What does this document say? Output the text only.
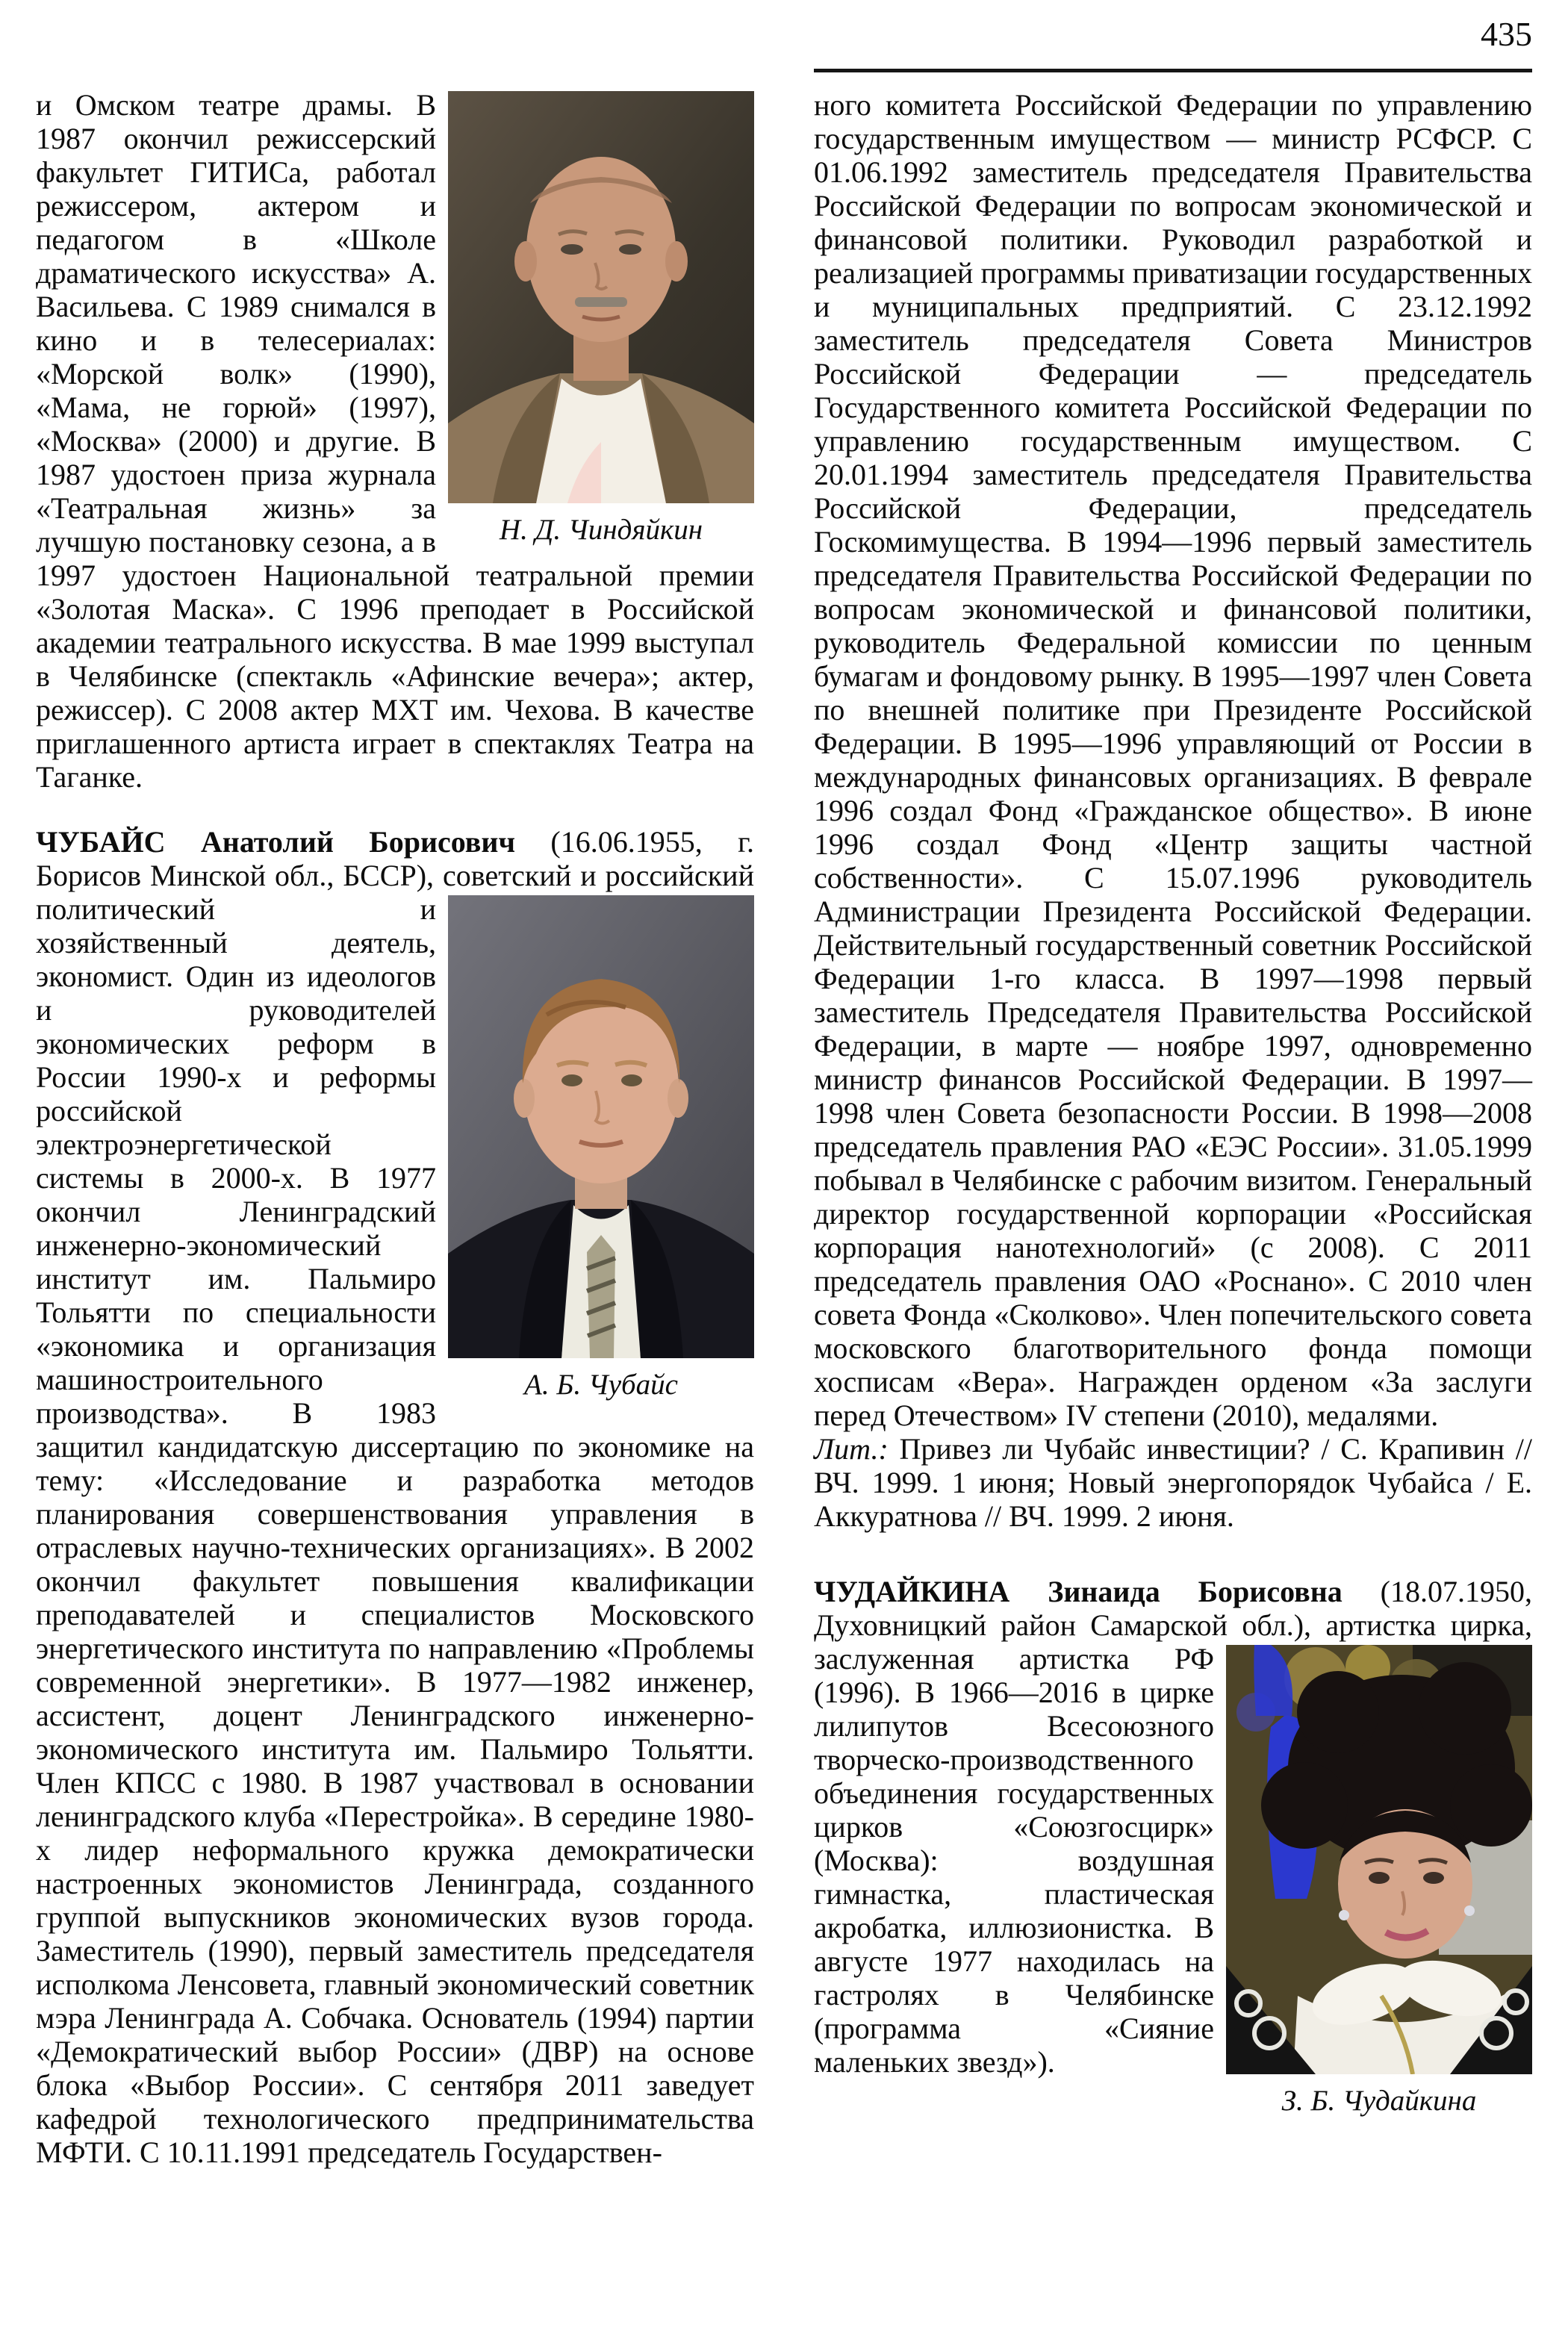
435

Н. Д. Чиндяйкин
и Омском театре драмы. В 1987 окончил режиссерский факультет ГИТИСа, работал режиссером, актером и педагогом в «Школе драматического искусства» А. Васильева. С 1989 снимался в кино и в телесериалах: «Морской волк» (1990), «Мама, не горюй» (1997), «Москва» (2000) и другие. В 1987 удостоен приза журнала «Театральная жизнь» за лучшую постановку сезона, а в 1997 удостоен Национальной театральной премии «Золотая Маска». С 1996 преподает в Российской академии театрального искусства. В мае 1999 выступал в Челябинске (спектакль «Афинские вечера»; актер, режиссер). С 2008 актер МХТ им. Чехова. В качестве приглашенного артиста играет в спектаклях Театра на Таганке.

ЧУБАЙС Анатолий Борисович (16.06.1955, г. Борисов Минской обл., БССР), советский и
А. Б. Чубайс
российский политический и хозяйственный деятель, экономист. Один из идеологов и руководителей экономических реформ в России 1990-х и реформы российской электроэнергетической системы в 2000-х. В 1977 окончил Ленинградский инженерно-экономический институт им. Пальмиро Тольятти по специальности «экономика и организация машиностроительного производства». В 1983 защитил кандидатскую диссертацию по экономике на тему: «Исследование и разработка методов планирования совершенствования управления в отраслевых научно-технических организациях». В 2002 окончил факультет повышения квалификации преподавателей и специалистов Московского энергетического института по направлению «Проблемы современной энергетики». В 1977—1982 инженер, ассистент, доцент Ленинградского инженерно-экономического института им. Пальмиро Тольятти. Член КПСС с 1980. В 1987 участвовал в основании ленинградского клуба «Перестройка». В середине 1980-х лидер неформального кружка демократически настроенных экономистов Ленинграда, созданного группой выпускников экономических вузов города. Заместитель (1990), первый заместитель председателя исполкома Ленсовета, главный экономический советник мэра Ленинграда А. Собчака. Основатель (1994) партии «Демократический выбор России» (ДВР) на основе блока «Выбор России». С сентября 2011 заведует кафедрой технологического предпринимательства МФТИ. С 10.11.1991 председатель Государствен-

ного комитета Российской Федерации по управлению государственным имуществом — министр РСФСР. С 01.06.1992 заместитель председателя Правительства Российской Федерации по вопросам экономической и финансовой политики. Руководил разработкой и реализацией программы приватизации государственных и муниципальных предприятий. С 23.12.1992 заместитель председателя Совета Министров Российской Федерации — председатель Государственного комитета Российской Федерации по управлению государственным имуществом. С 20.01.1994 заместитель председателя Правительства Российской Федерации, председатель Госкомимущества. В 1994—1996 первый заместитель председателя Правительства Российской Федерации по вопросам экономической и финансовой политики, руководитель Федеральной комиссии по ценным бумагам и фондовому рынку. В 1995—1997 член Совета по внешней политике при Президенте Российской Федерации. В 1995—1996 управляющий от России в международных финансовых организациях. В феврале 1996 создал Фонд «Гражданское общество». В июне 1996 создал Фонд «Центр защиты частной собственности». С 15.07.1996 руководитель Администрации Президента Российской Федерации. Действительный государственный советник Российской Федерации 1-го класса. В 1997—1998 первый заместитель Председателя Правительства Российской Федерации, в марте — ноябре 1997, одновременно министр финансов Российской Федерации. В 1997—1998 член Совета безопасности России. В 1998—2008 председатель правления РАО «ЕЭС России». 31.05.1999 побывал в Челябинске с рабочим визитом. Генеральный директор государственной корпорации «Российская корпорация нанотехнологий» (с 2008). С 2011 председатель правления ОАО «Роснано». С 2010 член совета Фонда «Сколково». Член попечительского совета московского благотворительного фонда помощи хосписам «Вера». Награжден орденом «За заслуги перед Отечеством» IV степени (2010), медалями.

Лит.: Привез ли Чубайс инвестиции? / С. Крапивин // ВЧ. 1999. 1 июня; Новый энергопорядок Чубайса / Е. Аккуратнова // ВЧ. 1999. 2 июня.

ЧУДАЙКИНА Зинаида Борисовна (18.07.1950, Духовницкий район Самарской обл.), артистка
З. Б. Чудайкина
цирка, заслуженная артистка РФ (1996). В 1966—2016 в цирке лилипутов Всесоюзного творческо-производственного объединения государственных цирков «Союзгосцирк» (Москва): воздушная гимнастка, пластическая акробатка, иллюзионистка. В августе 1977 находилась на гастролях в Челябинске (программа «Сияние маленьких звезд»).
